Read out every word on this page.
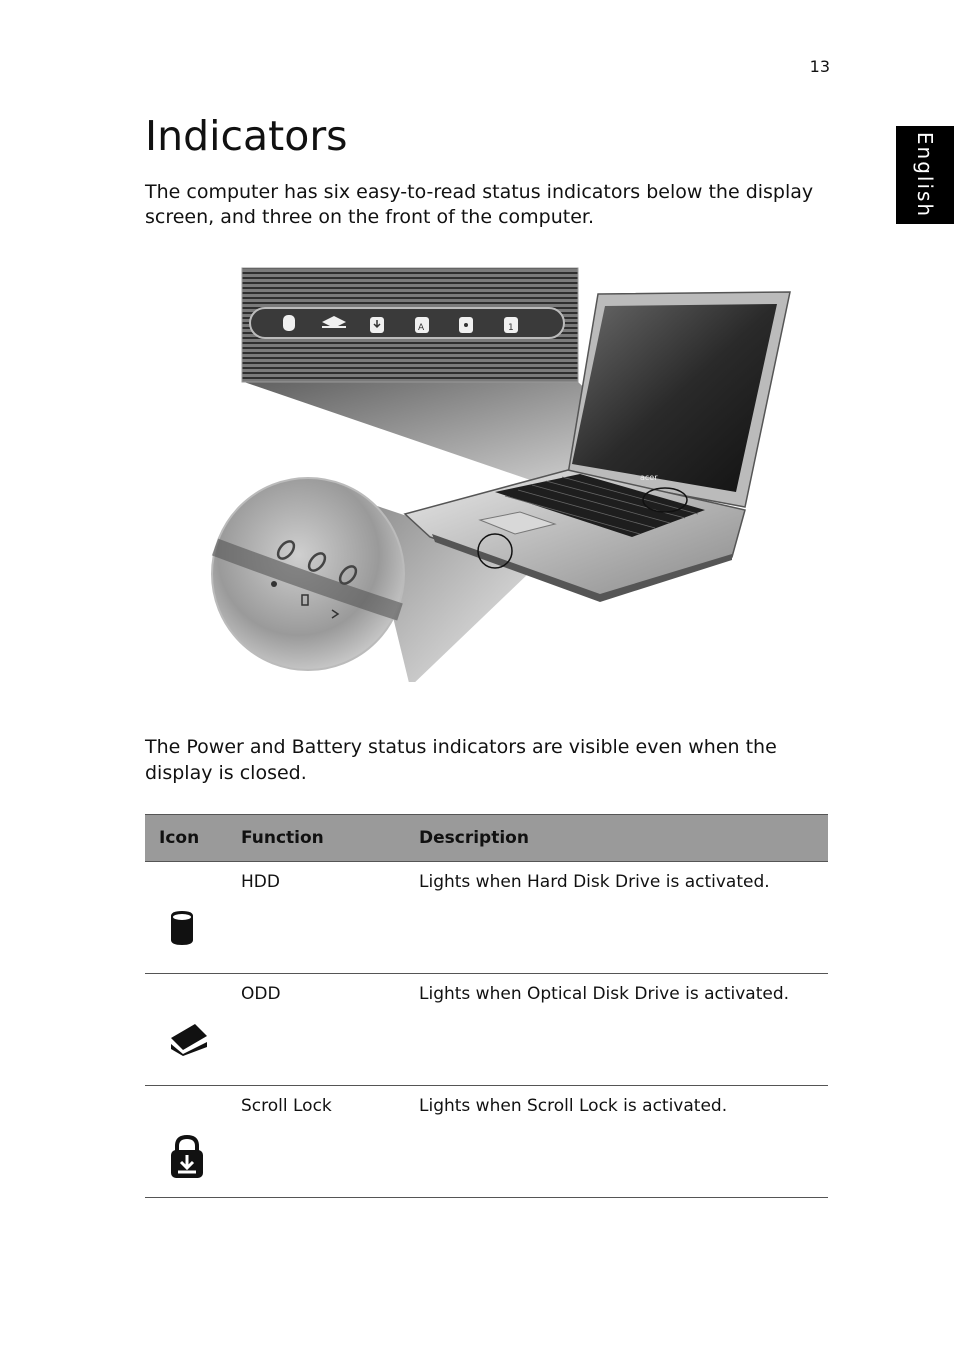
13
English
Indicators

The computer has six easy-to-read status indicators below the display screen, and three on the front of the computer.

acer
A	1

The Power and Battery status indicators are visible even when the display is closed.

Icon	Function	Description
	HDD	Lights when Hard Disk Drive is activated.
	ODD	Lights when Optical Disk Drive is activated.
	Scroll Lock	Lights when Scroll Lock is activated.
